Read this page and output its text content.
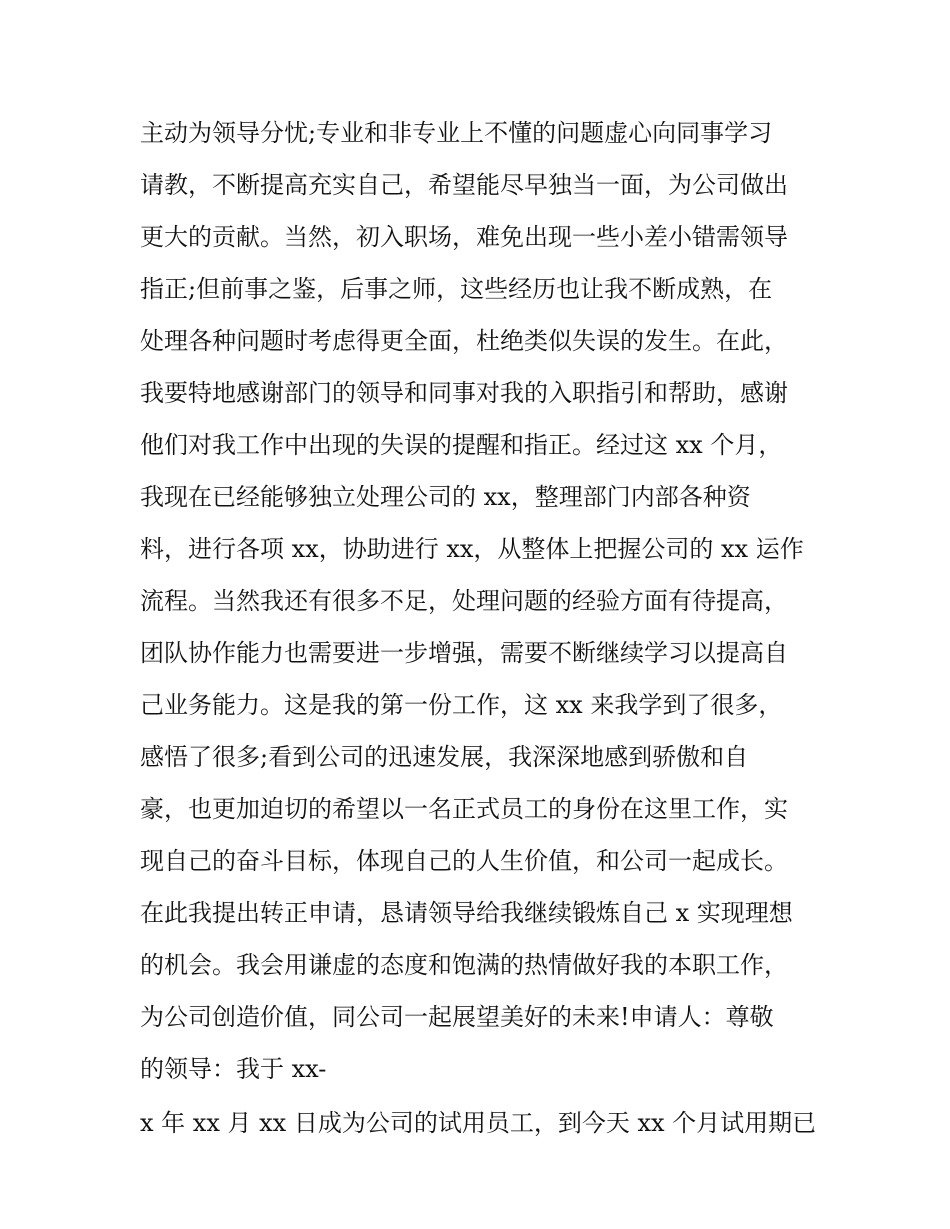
主动为领导分忧;专业和非专业上不懂的问题虚心向同事学习
请教，不断提高充实自己，希望能尽早独当一面，为公司做出
更大的贡献。当然，初入职场，难免出现一些小差小错需领导
指正;但前事之鉴，后事之师，这些经历也让我不断成熟，在
处理各种问题时考虑得更全面，杜绝类似失误的发生。在此，
我要特地感谢部门的领导和同事对我的入职指引和帮助，感谢
他们对我工作中出现的失误的提醒和指正。经过这 xx 个月，
我现在已经能够独立处理公司的 xx，整理部门内部各种资
料，进行各项 xx，协助进行 xx，从整体上把握公司的 xx 运作
流程。当然我还有很多不足，处理问题的经验方面有待提高，
团队协作能力也需要进一步增强，需要不断继续学习以提高自
己业务能力。这是我的第一份工作，这 xx 来我学到了很多，
感悟了很多;看到公司的迅速发展，我深深地感到骄傲和自
豪，也更加迫切的希望以一名正式员工的身份在这里工作，实
现自己的奋斗目标，体现自己的人生价值，和公司一起成长。
在此我提出转正申请，恳请领导给我继续锻炼自己 x 实现理想
的机会。我会用谦虚的态度和饱满的热情做好我的本职工作，
为公司创造价值，同公司一起展望美好的未来!申请人：尊敬
的领导：我于 xx-
x 年 xx 月 xx 日成为公司的试用员工，到今天 xx 个月试用期已
